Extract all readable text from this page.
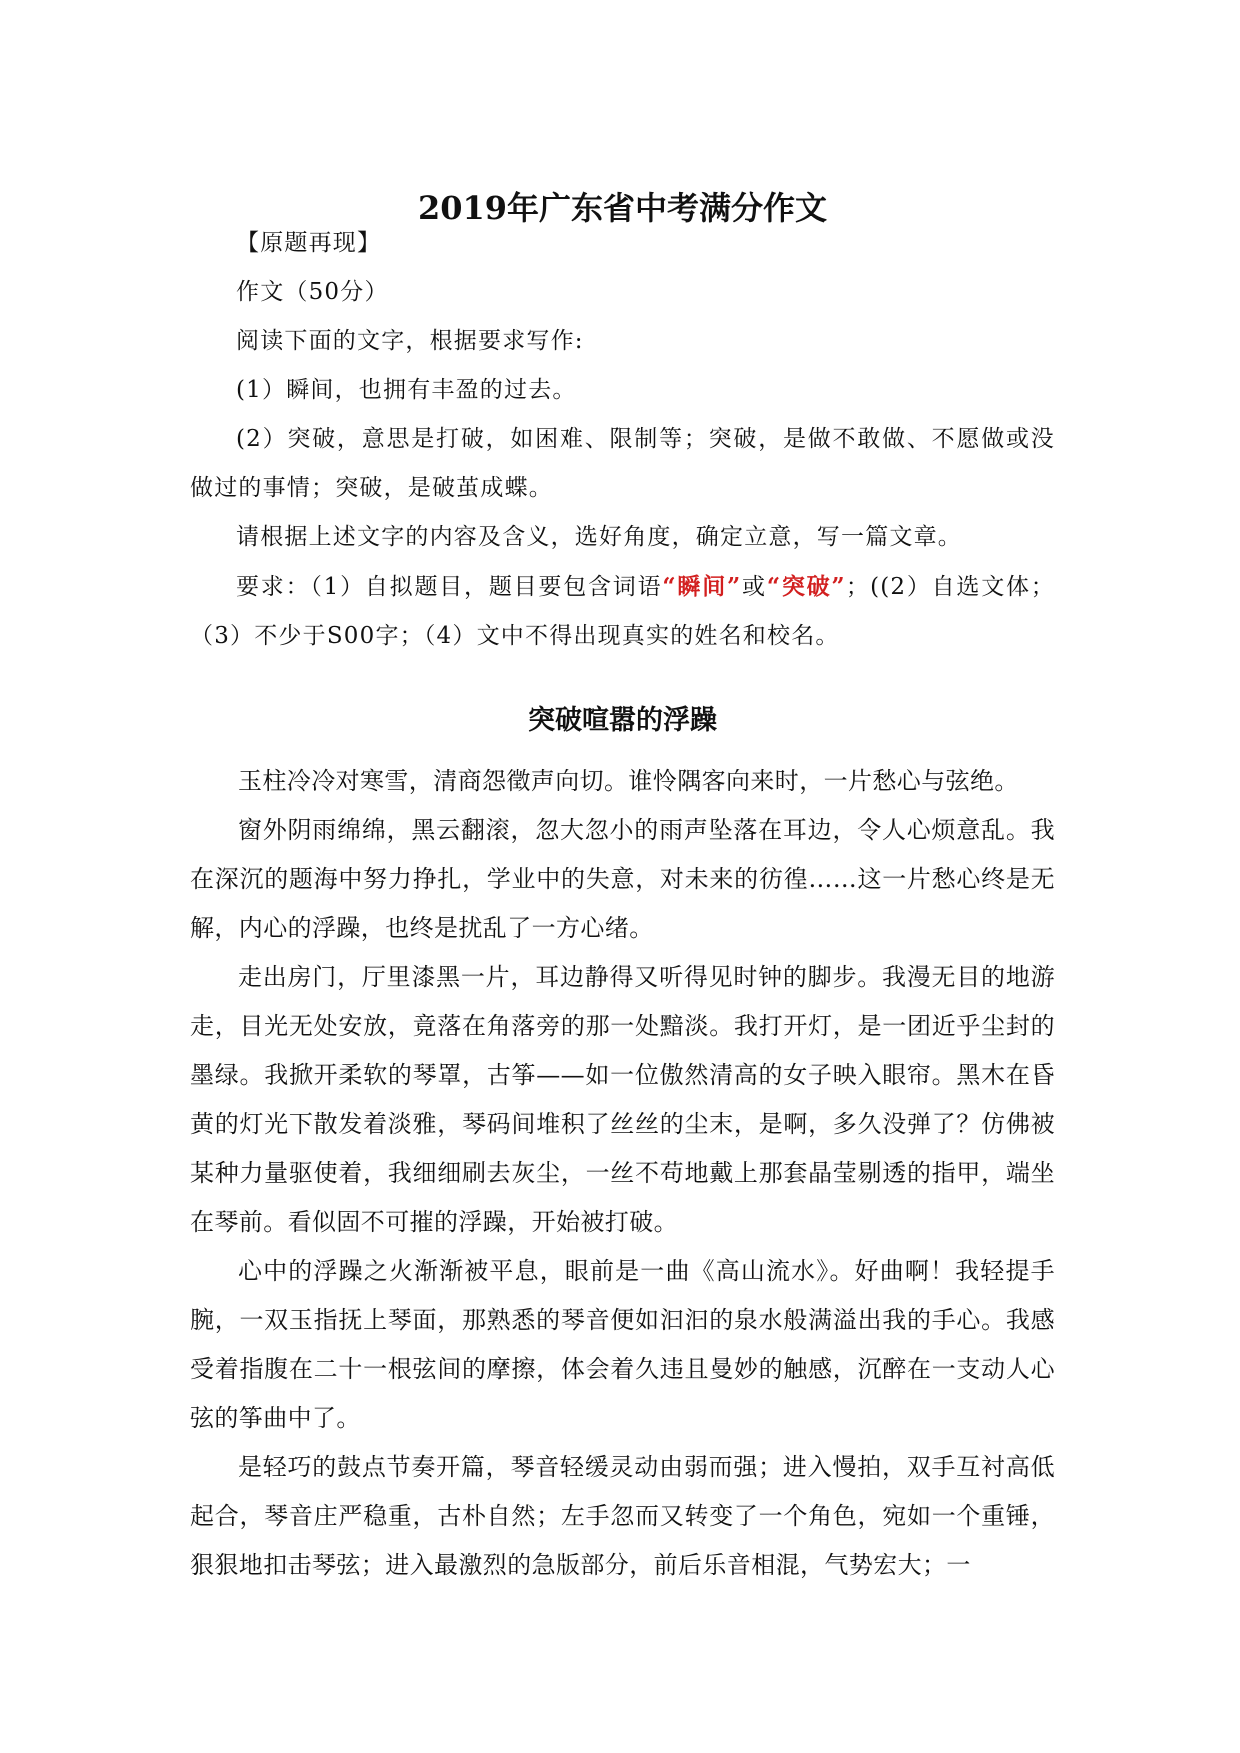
2019年广东省中考满分作文

【原题再现】

作文（50分）

阅读下面的文字，根据要求写作:

(1）瞬间，也拥有丰盈的过去。

(2）突破，意思是打破，如困难、限制等；突破，是做不敢做、不愿做或没做过的事情；突破，是破茧成蝶。

请根据上述文字的内容及含义，选好角度，确定立意，写一篇文章。

要求：（1）自拟题目，题目要包含词语“瞬间”或“突破”；((2）自选文体；（3）不少于S00字；（4）文中不得出现真实的姓名和校名。

突破喧嚣的浮躁

玉柱冷冷对寒雪，清商怨徵声向切。谁怜隅客向来时，一片愁心与弦绝。

窗外阴雨绵绵，黑云翻滚，忽大忽小的雨声坠落在耳边，令人心烦意乱。我在深沉的题海中努力挣扎，学业中的失意，对未来的彷徨……这一片愁心终是无解，内心的浮躁，也终是扰乱了一方心绪。

走出房门，厅里漆黑一片，耳边静得又听得见时钟的脚步。我漫无目的地游走，目光无处安放，竟落在角落旁的那一处黯淡。我打开灯，是一团近乎尘封的墨绿。我掀开柔软的琴罩，古筝——如一位傲然清高的女子映入眼帘。黑木在昏黄的灯光下散发着淡雅，琴码间堆积了丝丝的尘末，是啊，多久没弹了？仿佛被某种力量驱使着，我细细刷去灰尘，一丝不苟地戴上那套晶莹剔透的指甲，端坐在琴前。看似固不可摧的浮躁，开始被打破。

心中的浮躁之火渐渐被平息，眼前是一曲《高山流水》。好曲啊！我轻提手腕，一双玉指抚上琴面，那熟悉的琴音便如汩汩的泉水般满溢出我的手心。我感受着指腹在二十一根弦间的摩擦，体会着久违且曼妙的触感，沉醉在一支动人心弦的筝曲中了。

是轻巧的鼓点节奏开篇，琴音轻缓灵动由弱而强；进入慢拍，双手互衬高低起合，琴音庄严稳重，古朴自然；左手忽而又转变了一个角色，宛如一个重锤，狠狠地扣击琴弦；进入最激烈的急版部分，前后乐音相混，气势宏大；一
